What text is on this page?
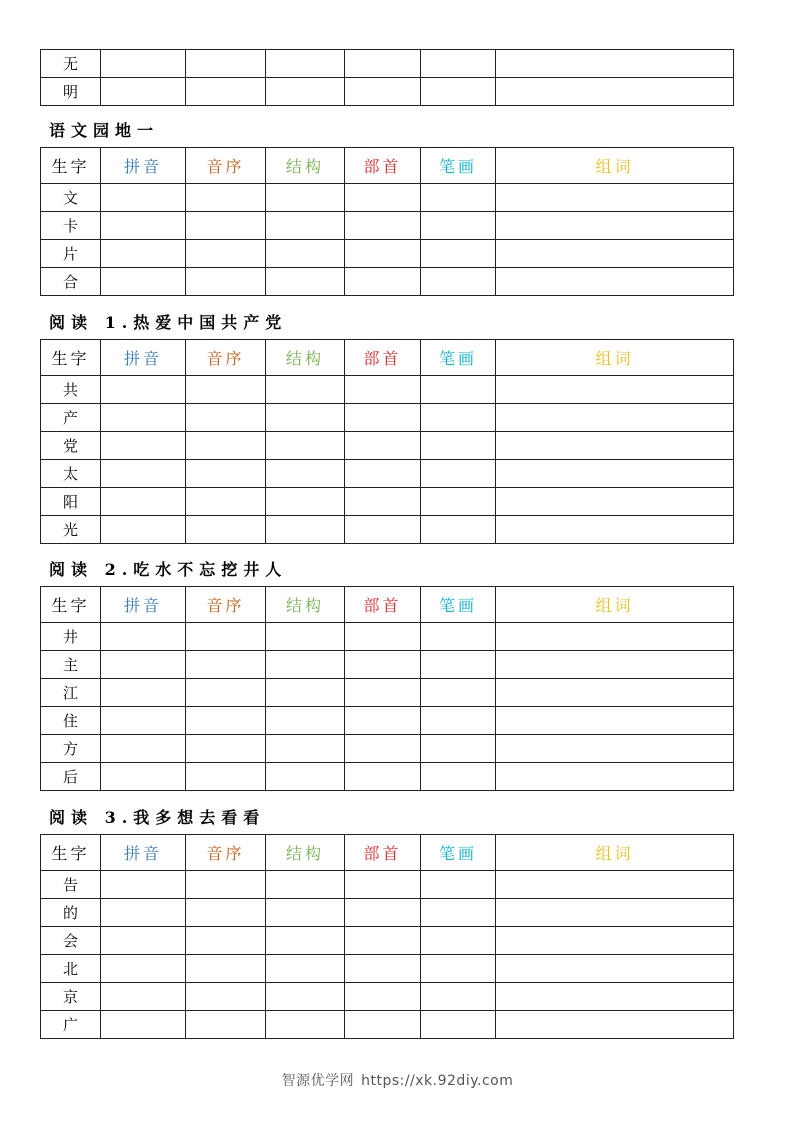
无						
明						
语文园地一
生字	拼音	音序	结构	部首	笔画	组词
文						
卡						
片						
合						
阅读 1.热爱中国共产党
生字	拼音	音序	结构	部首	笔画	组词
共						
产						
党						
太						
阳						
光						
阅读 2.吃水不忘挖井人
生字	拼音	音序	结构	部首	笔画	组词
井						
主						
江						
住						
方						
后						
阅读 3.我多想去看看
生字	拼音	音序	结构	部首	笔画	组词
告						
的						
会						
北						
京						
广						
智源优学网 https://xk.92diy.com
